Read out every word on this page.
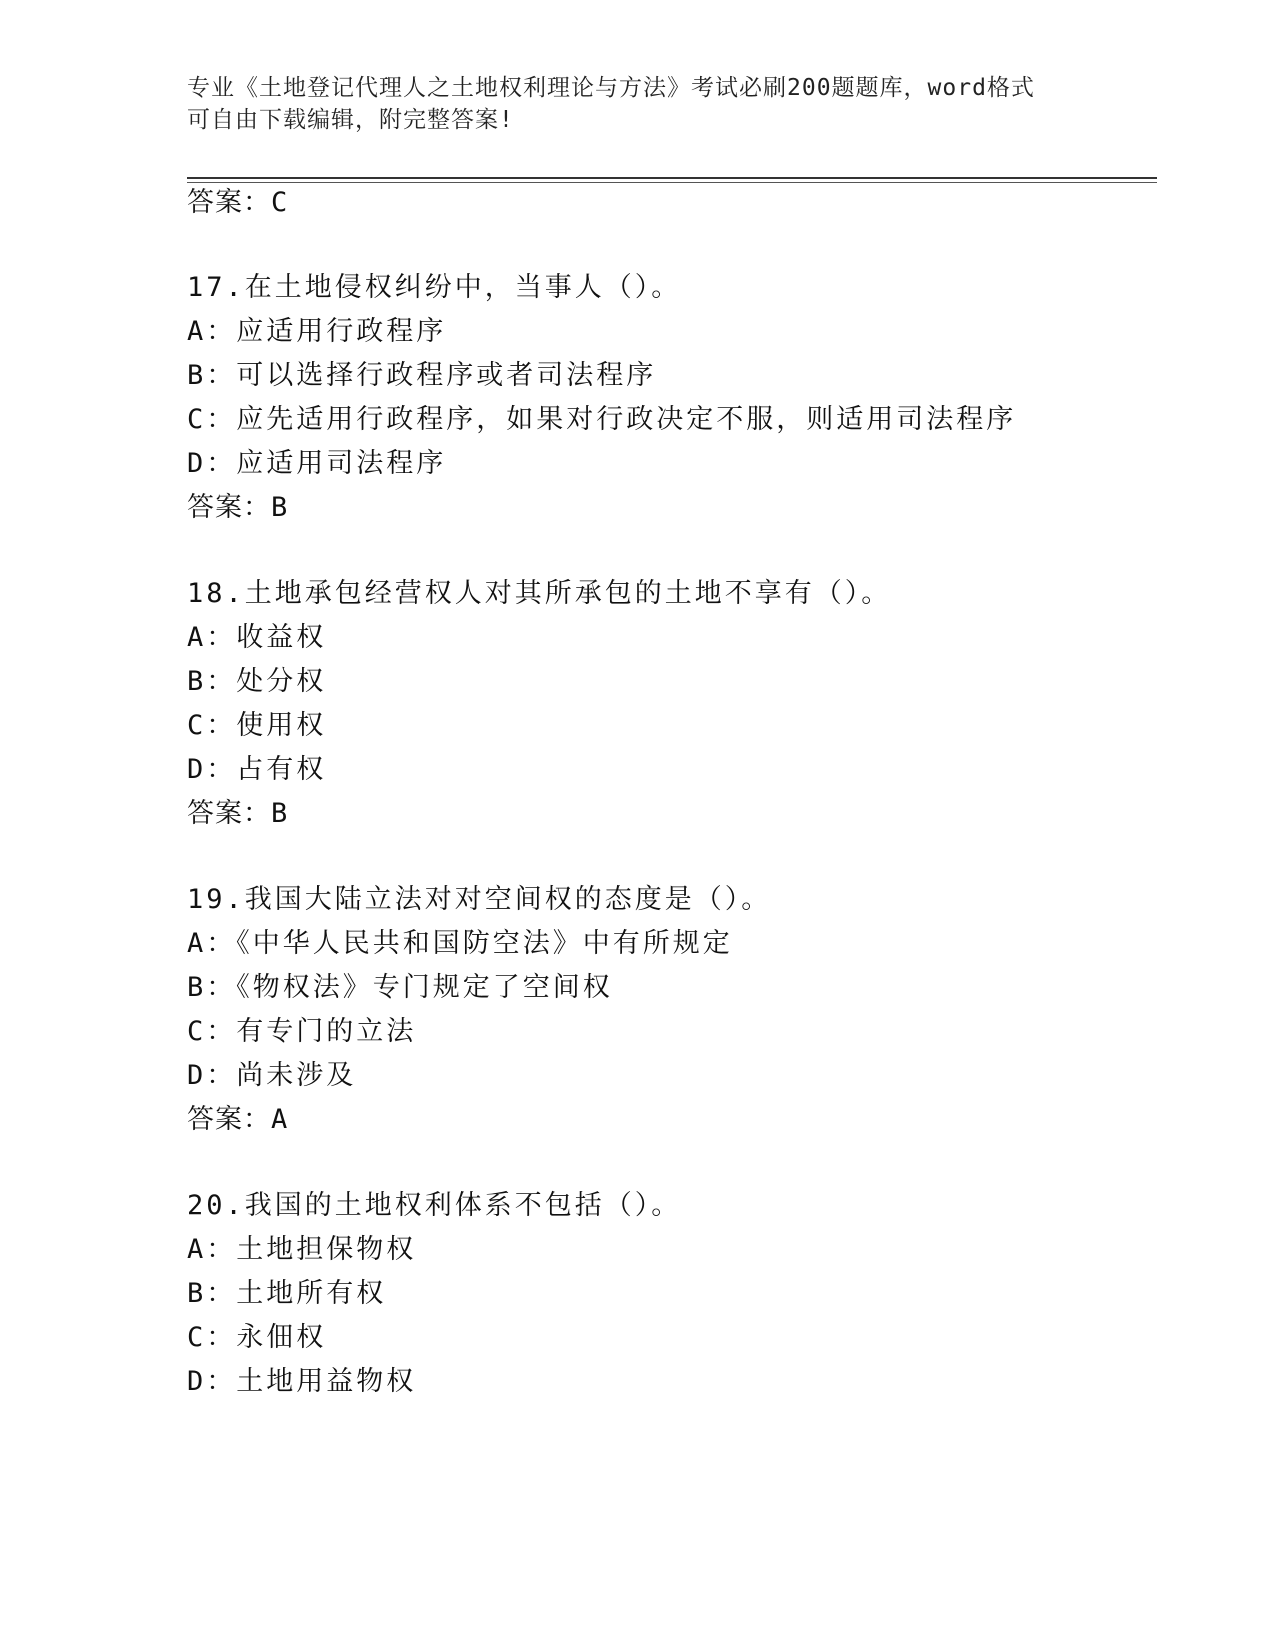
专业《土地登记代理人之土地权利理论与方法》考试必刷200题题库，word格式
可自由下载编辑，附完整答案!
答案：C
17.在土地侵权纠纷中，当事人（）。
A：应适用行政程序
B：可以选择行政程序或者司法程序
C：应先适用行政程序，如果对行政决定不服，则适用司法程序
D：应适用司法程序
答案：B
18.土地承包经营权人对其所承包的土地不享有（）。
A：收益权
B：处分权
C：使用权
D：占有权
答案：B
19.我国大陆立法对对空间权的态度是（）。
A：《中华人民共和国防空法》中有所规定
B：《物权法》专门规定了空间权
C：有专门的立法
D：尚未涉及
答案：A
20.我国的土地权利体系不包括（）。
A：土地担保物权
B：土地所有权
C：永佃权
D：土地用益物权
